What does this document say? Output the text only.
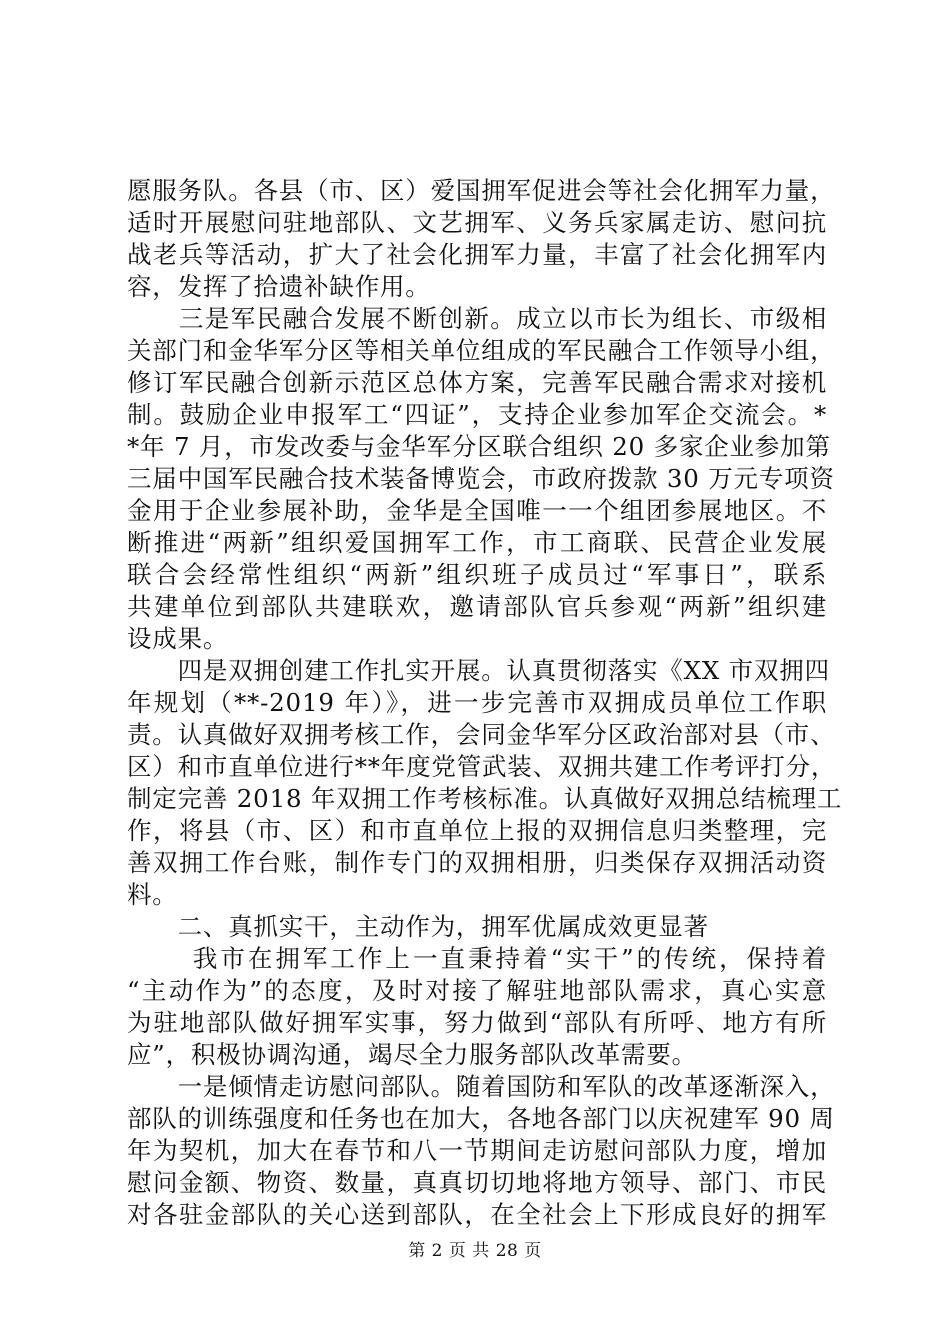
愿服务队。各县（市、区）爱国拥军促进会等社会化拥军力量，
适时开展慰问驻地部队、文艺拥军、义务兵家属走访、慰问抗
战老兵等活动，扩大了社会化拥军力量，丰富了社会化拥军内
容，发挥了拾遗补缺作用。
　　三是军民融合发展不断创新。成立以市长为组长、市级相
关部门和金华军分区等相关单位组成的军民融合工作领导小组，
修订军民融合创新示范区总体方案，完善军民融合需求对接机
制。鼓励企业申报军工“四证”，支持企业参加军企交流会。*
*年 7 月，市发改委与金华军分区联合组织 20 多家企业参加第
三届中国军民融合技术装备博览会，市政府拨款 30 万元专项资
金用于企业参展补助，金华是全国唯一一个组团参展地区。不
断推进“两新”组织爱国拥军工作，市工商联、民营企业发展
联合会经常性组织“两新”组织班子成员过“军事日”，联系
共建单位到部队共建联欢，邀请部队官兵参观“两新”组织建
设成果。
　　四是双拥创建工作扎实开展。认真贯彻落实《XX 市双拥四
年规划（**-2019 年）》，进一步完善市双拥成员单位工作职
责。认真做好双拥考核工作，会同金华军分区政治部对县（市、
区）和市直单位进行**年度党管武装、双拥共建工作考评打分，
制定完善 2018 年双拥工作考核标准。认真做好双拥总结梳理工
作，将县（市、区）和市直单位上报的双拥信息归类整理，完
善双拥工作台账，制作专门的双拥相册，归类保存双拥活动资
料。
　　二、真抓实干，主动作为，拥军优属成效更显著
　　 我市在拥军工作上一直秉持着“实干”的传统，保持着
“主动作为”的态度，及时对接了解驻地部队需求，真心实意
为驻地部队做好拥军实事，努力做到“部队有所呼、地方有所
应”，积极协调沟通，竭尽全力服务部队改革需要。
　　一是倾情走访慰问部队。随着国防和军队的改革逐渐深入，
部队的训练强度和任务也在加大，各地各部门以庆祝建军 90 周
年为契机，加大在春节和八一节期间走访慰问部队力度，增加
慰问金额、物资、数量，真真切切地将地方领导、部门、市民
对各驻金部队的关心送到部队，在全社会上下形成良好的拥军
第 2 页 共 28 页
